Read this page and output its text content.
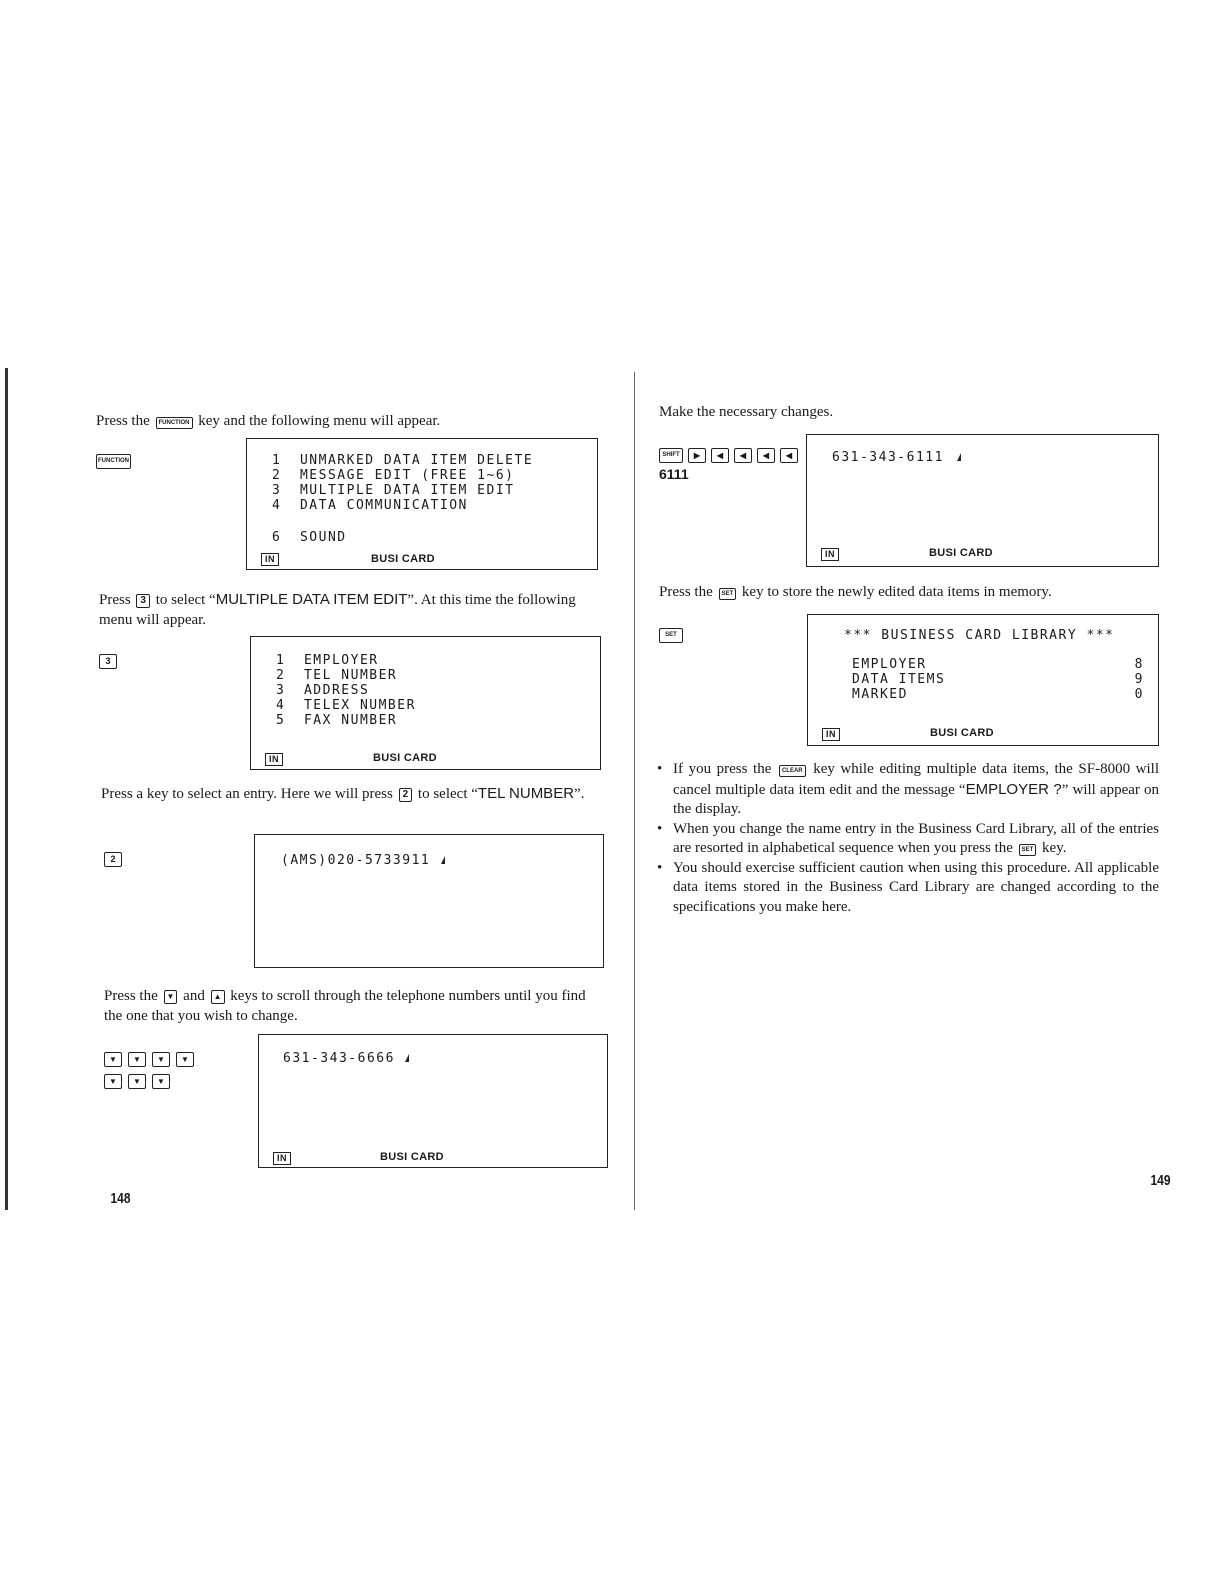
Press the FUNCTION key and the following menu will appear.
FUNCTION	1  UNMARKED DATA ITEM DELETE
2  MESSAGE EDIT (FREE 1~6)
3  MULTIPLE DATA ITEM EDIT
4  DATA COMMUNICATION
6  SOUND
IN	BUSI CARD
Press 3 to select “MULTIPLE DATA ITEM EDIT”. At this time the following menu will appear.
3	1  EMPLOYER
2  TEL NUMBER
3  ADDRESS
4  TELEX NUMBER
5  FAX NUMBER
IN	BUSI CARD
Press a key to select an entry. Here we will press 2 to select “TEL NUMBER”.
2	(AMS)020-5733911
Press the ▼ and ▲ keys to scroll through the telephone numbers until you find the one that you wish to change.
▼ ▼ ▼ ▼
▼ ▼ ▼
631-343-6666
IN	BUSI CARD
148
Make the necessary changes.
SHIFT ▶ ◀ ◀ ◀ ◀
6111
631-343-6111
IN	BUSI CARD
Press the SET key to store the newly edited data items in memory.
SET	*** BUSINESS CARD LIBRARY ***
EMPLOYER	8
DATA ITEMS	9
MARKED	0
IN	BUSI CARD
• If you press the CLEAR key while editing multiple data items, the SF-8000 will cancel multiple data item edit and the message “EMPLOYER ?” will appear on the display.
• When you change the name entry in the Business Card Library, all of the entries are resorted in alphabetical sequence when you press the SET key.
• You should exercise sufficient caution when using this procedure. All applicable data items stored in the Business Card Library are changed according to the specifications you make here.
149
